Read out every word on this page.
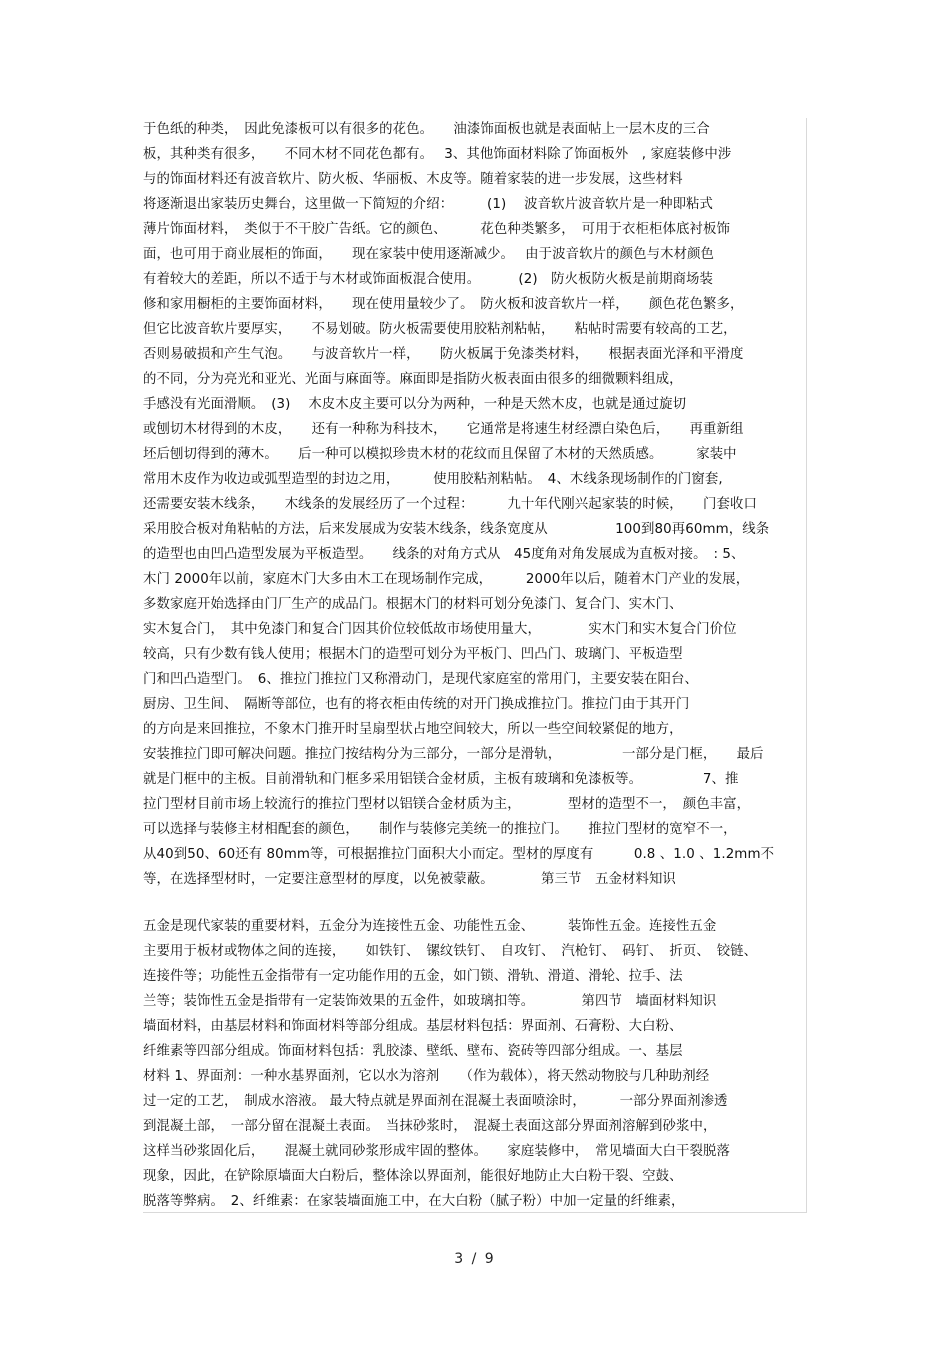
于色纸的种类，　因此免漆板可以有很多的花色。　　油漆饰面板也就是表面帖上一层木皮的三合
板，其种类有很多，　　不同木材不同花色都有。　 3、其他饰面材料除了饰面板外　, 家庭装修中涉
与的饰面材料还有波音软片、防火板、华丽板、木皮等。随着家装的进一步发展，这些材料
将逐渐退出家装历史舞台，这里做一下简短的介绍：　　　(1)　 波音软片波音软片是一种即粘式
薄片饰面材料，　类似于不干胶广告纸。它的颜色、　　　花色种类繁多，　可用于衣柜柜体底衬板饰
面，也可用于商业展柜的饰面，　　现在家装中使用逐渐减少。　 由于波音软片的颜色与木材颜色
有着较大的差距，所以不适于与木材或饰面板混合使用。　　　 (2)　防火板防火板是前期商场装
修和家用橱柜的主要饰面材料，　　现在使用量较少了。　防火板和波音软片一样，　　颜色花色繁多，
但它比波音软片要厚实，　　不易划破。防火板需要使用胶粘剂粘帖，　　粘帖时需要有较高的工艺，
否则易破损和产生气泡。　　与波音软片一样，　　防火板属于免漆类材料，　　根据表面光泽和平滑度
的不同，分为亮光和亚光、光面与麻面等。麻面即是指防火板表面由很多的细微颗料组成，
手感没有光面滑顺。　(3)　 木皮木皮主要可以分为两种，一种是天然木皮，也就是通过旋切
或刨切木材得到的木皮，　　还有一种称为科技木，　　它通常是将速生材经漂白染色后，　　再重新组
坯后刨切得到的薄木。　　后一种可以模拟珍贵木材的花纹而且保留了木材的天然质感。　　　家装中
常用木皮作为收边或弧型造型的封边之用，　　　使用胶粘剂粘帖。　4、木线条现场制作的门窗套,
还需要安装木线条，　　木线条的发展经历了一个过程：　　　九十年代刚兴起家装的时候，　　门套收口
采用胶合板对角粘帖的方法，后来发展成为安装木线条，线条宽度从　　　　　100到80再60mm，线条
的造型也由凹凸造型发展为平板造型。　　线条的对角方式从　45度角对角发展成为直板对接。　: 5、
木门 2000年以前，家庭木门大多由木工在现场制作完成，　　　2000年以后，随着木门产业的发展，
多数家庭开始选择由门厂生产的成品门。根据木门的材料可划分免漆门、复合门、实木门、
实木复合门，　其中免漆门和复合门因其价位较低故市场使用量大，　　　　实木门和实木复合门价位
较高，只有少数有钱人使用；根据木门的造型可划分为平板门、凹凸门、玻璃门、平板造型
门和凹凸造型门。　6、推拉门推拉门又称滑动门，是现代家庭室的常用门，主要安装在阳台、
厨房、卫生间、　隔断等部位，也有的将衣柜由传统的对开门换成推拉门。推拉门由于其开门
的方向是来回推拉，不象木门推开时呈扇型状占地空间较大，所以一些空间较紧促的地方，
安装推拉门即可解决问题。推拉门按结构分为三部分，一部分是滑轨，　　　　　一部分是门框，　　最后
就是门框中的主板。目前滑轨和门框多采用铝镁合金材质，主板有玻璃和免漆板等。　　　　　7、推
拉门型材目前市场上较流行的推拉门型材以铝镁合金材质为主，　　　　型材的造型不一，　颜色丰富，
可以选择与装修主材相配套的颜色，　　制作与装修完美统一的推拉门。　　推拉门型材的宽窄不一，
从40到50、60还有 80mm等，可根据推拉门面积大小而定。型材的厚度有　　　0.8 、1.0 、1.2mm不
等，在选择型材时，一定要注意型材的厚度，以免被蒙蔽。　　　　第三节　五金材料知识
五金是现代家装的重要材料，五金分为连接性五金、功能性五金、　　　装饰性五金。连接性五金
主要用于板材或物体之间的连接，　　如铁钉、　镙纹铁钉、　自攻钉、　汽枪钉、　码钉、　折页、　铰链、
连接件等；功能性五金指带有一定功能作用的五金，如门锁、滑轨、滑道、滑轮、拉手、法
兰等；装饰性五金是指带有一定装饰效果的五金件，如玻璃扣等。　　　　第四节　墙面材料知识
墙面材料，由基层材料和饰面材料等部分组成。基层材料包括：界面剂、石膏粉、大白粉、
纤维素等四部分组成。饰面材料包括：乳胶漆、壁纸、壁布、瓷砖等四部分组成。一、基层
材料 1、界面剂：一种水基界面剂，它以水为溶剂　　（作为载体），将天然动物胶与几种助剂经
过一定的工艺，　制成水溶液。 最大特点就是界面剂在混凝土表面喷涂时，　　　一部分界面剂渗透
到混凝土部，　一部分留在混凝土表面。　当抹砂浆时，　混凝土表面这部分界面剂溶解到砂浆中，
这样当砂浆固化后，　　混凝土就同砂浆形成牢固的整体。　　家庭装修中，　常见墙面大白干裂脱落
现象，因此，在铲除原墙面大白粉后，整体涂以界面剂，能很好地防止大白粉干裂、空鼓、
脱落等弊病。　2、纤维素：在家装墙面施工中，在大白粉（腻子粉）中加一定量的纤维素，
3 / 9
